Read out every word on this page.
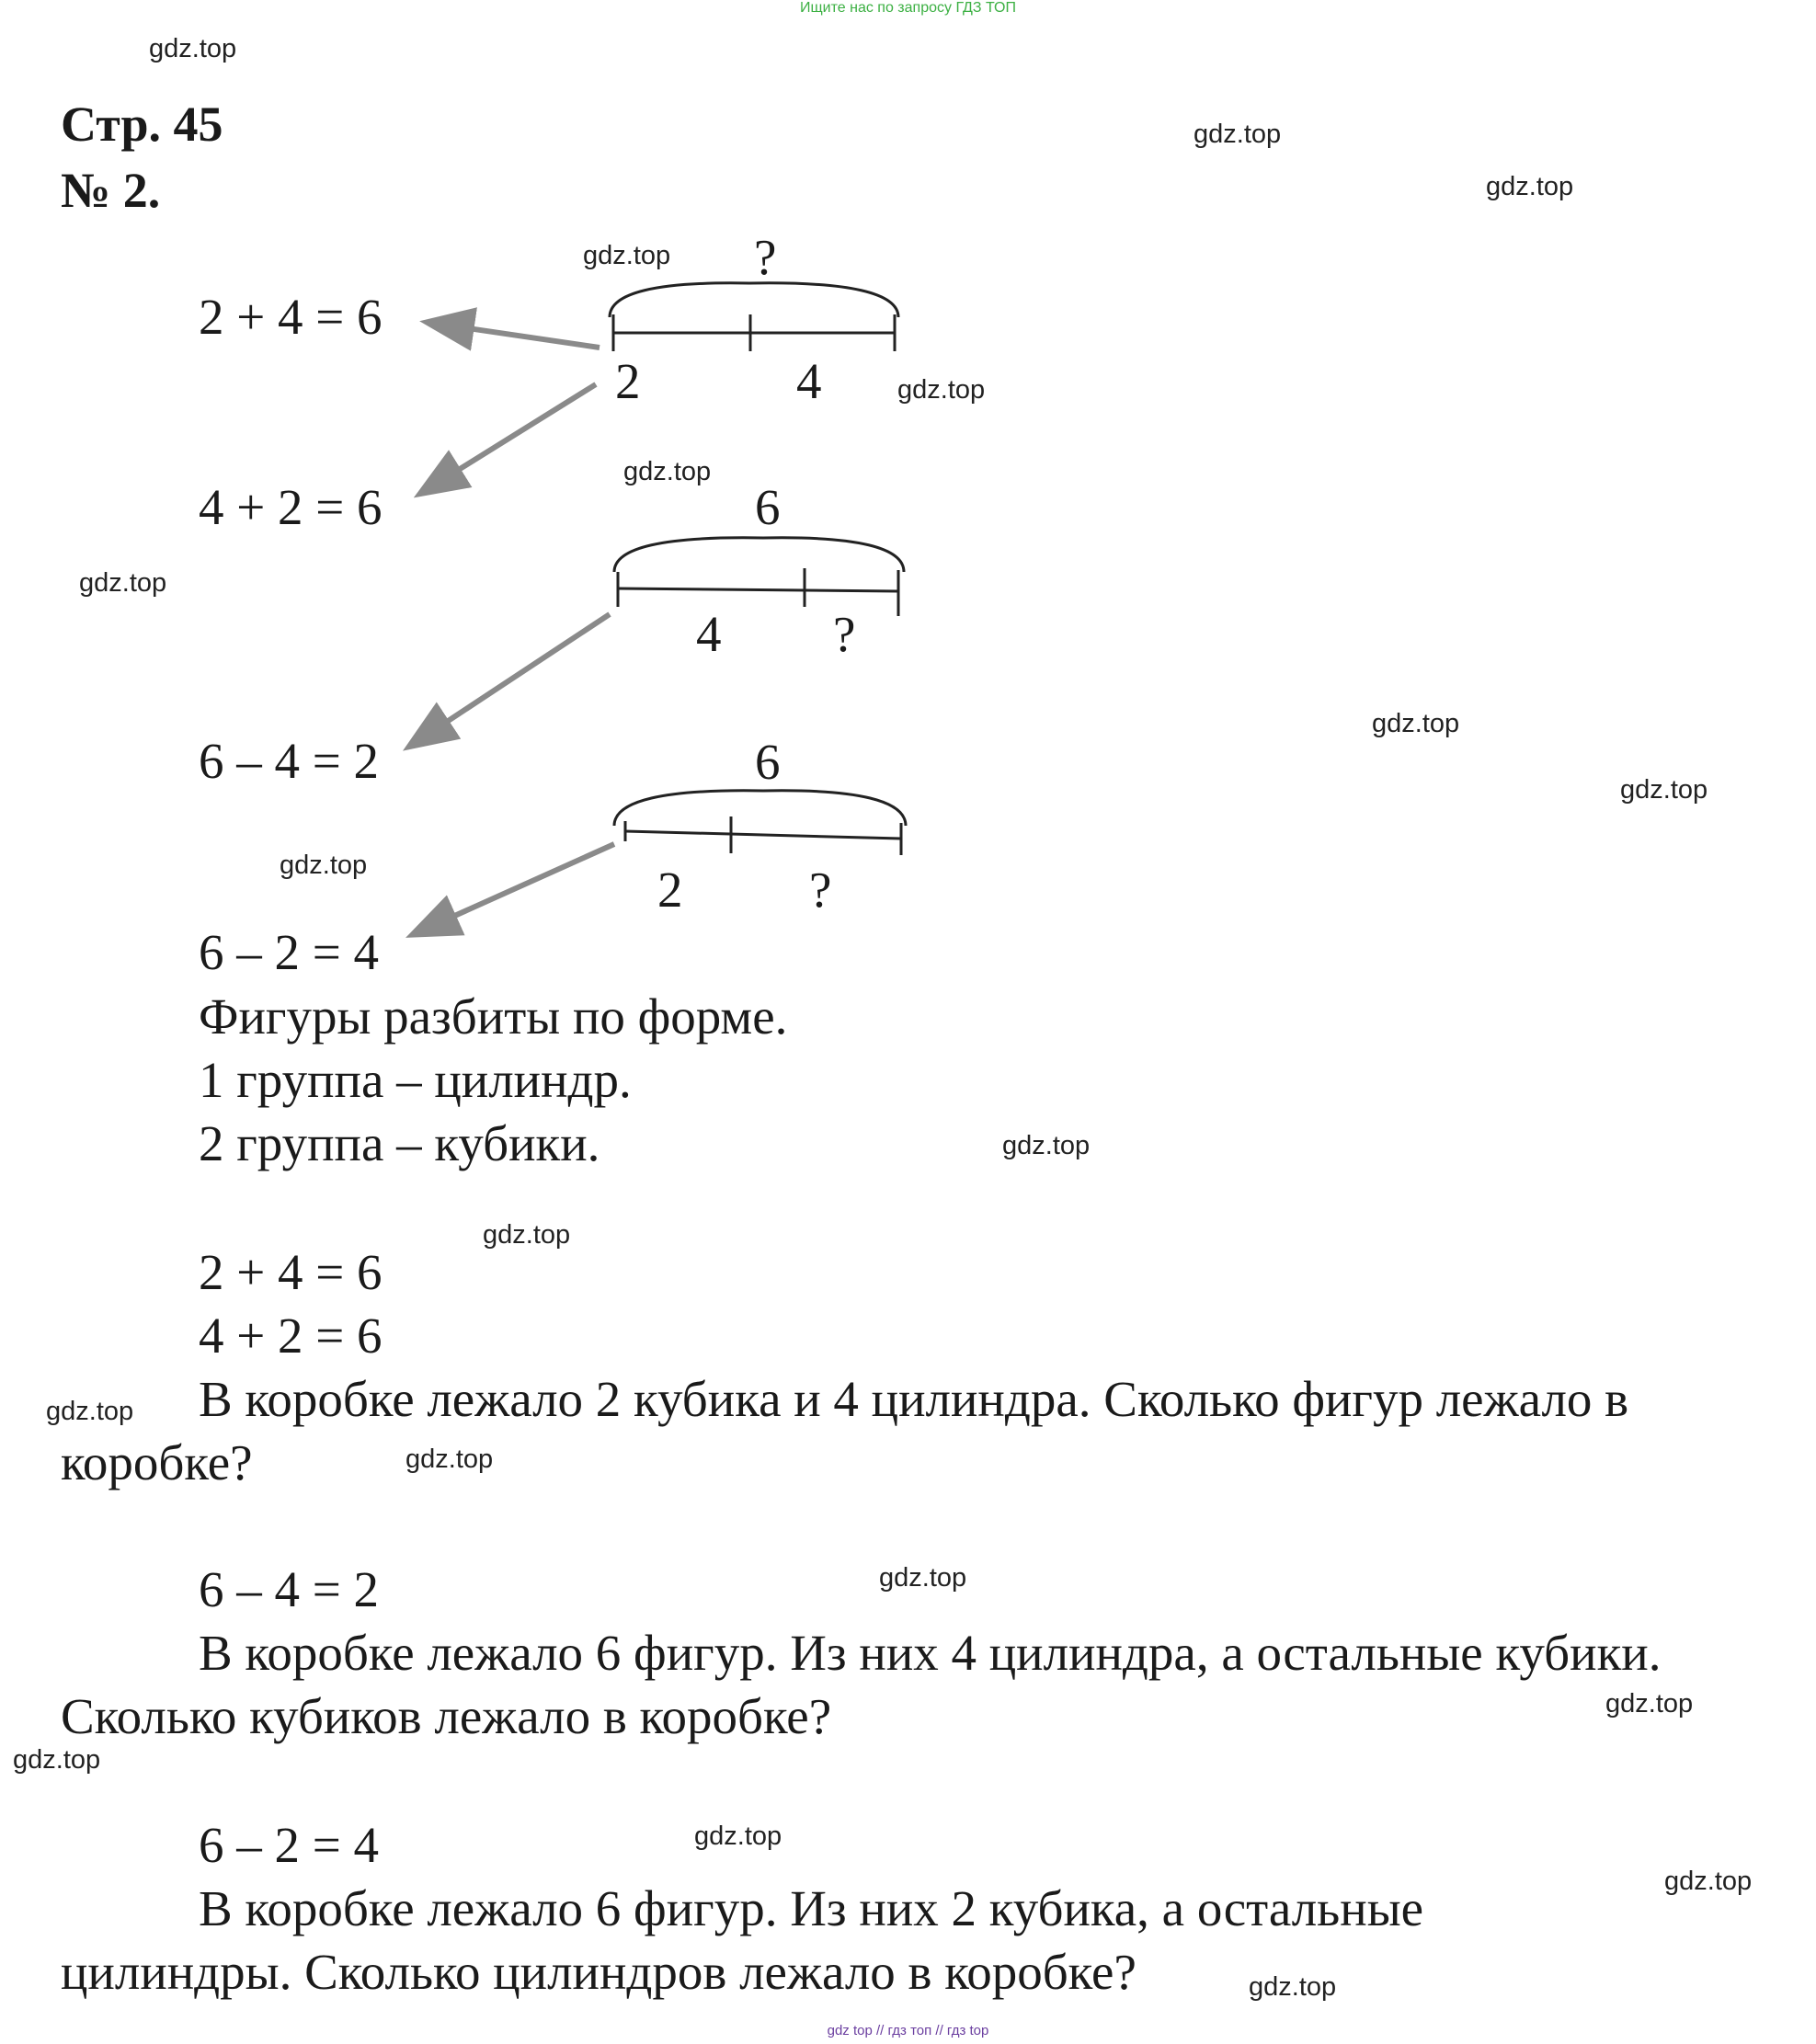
Ищите нас по запросу ГДЗ ТОП
gdz top // гдз топ // гдз top
Стр. 45
№ 2.
2 + 4 = 6
4 + 2 = 6
6 – 4 = 2
6 – 2 = 4
?
2	4
6
4 ?
6
2	?
Фигуры разбиты по форме.
1 группа – цилиндр.
2 группа – кубики.
2 + 4 = 6
4 + 2 = 6
В коробке лежало 2 кубика и 4 цилиндра. Сколько фигур лежало в
коробке?
6 – 4 = 2
В коробке лежало 6 фигур. Из них 4 цилиндра, а остальные кубики.
Сколько кубиков лежало в коробке?
6 – 2 = 4
В коробке лежало 6 фигур. Из них 2 кубика, а остальные
цилиндры. Сколько цилиндров лежало в коробке?
gdz.top
gdz.top
gdz.top
gdz.top
gdz.top
gdz.top
gdz.top
gdz.top
gdz.top
gdz.top
gdz.top
gdz.top
gdz.top
gdz.top
gdz.top
gdz.top
gdz.top
gdz.top
gdz.top
gdz.top
